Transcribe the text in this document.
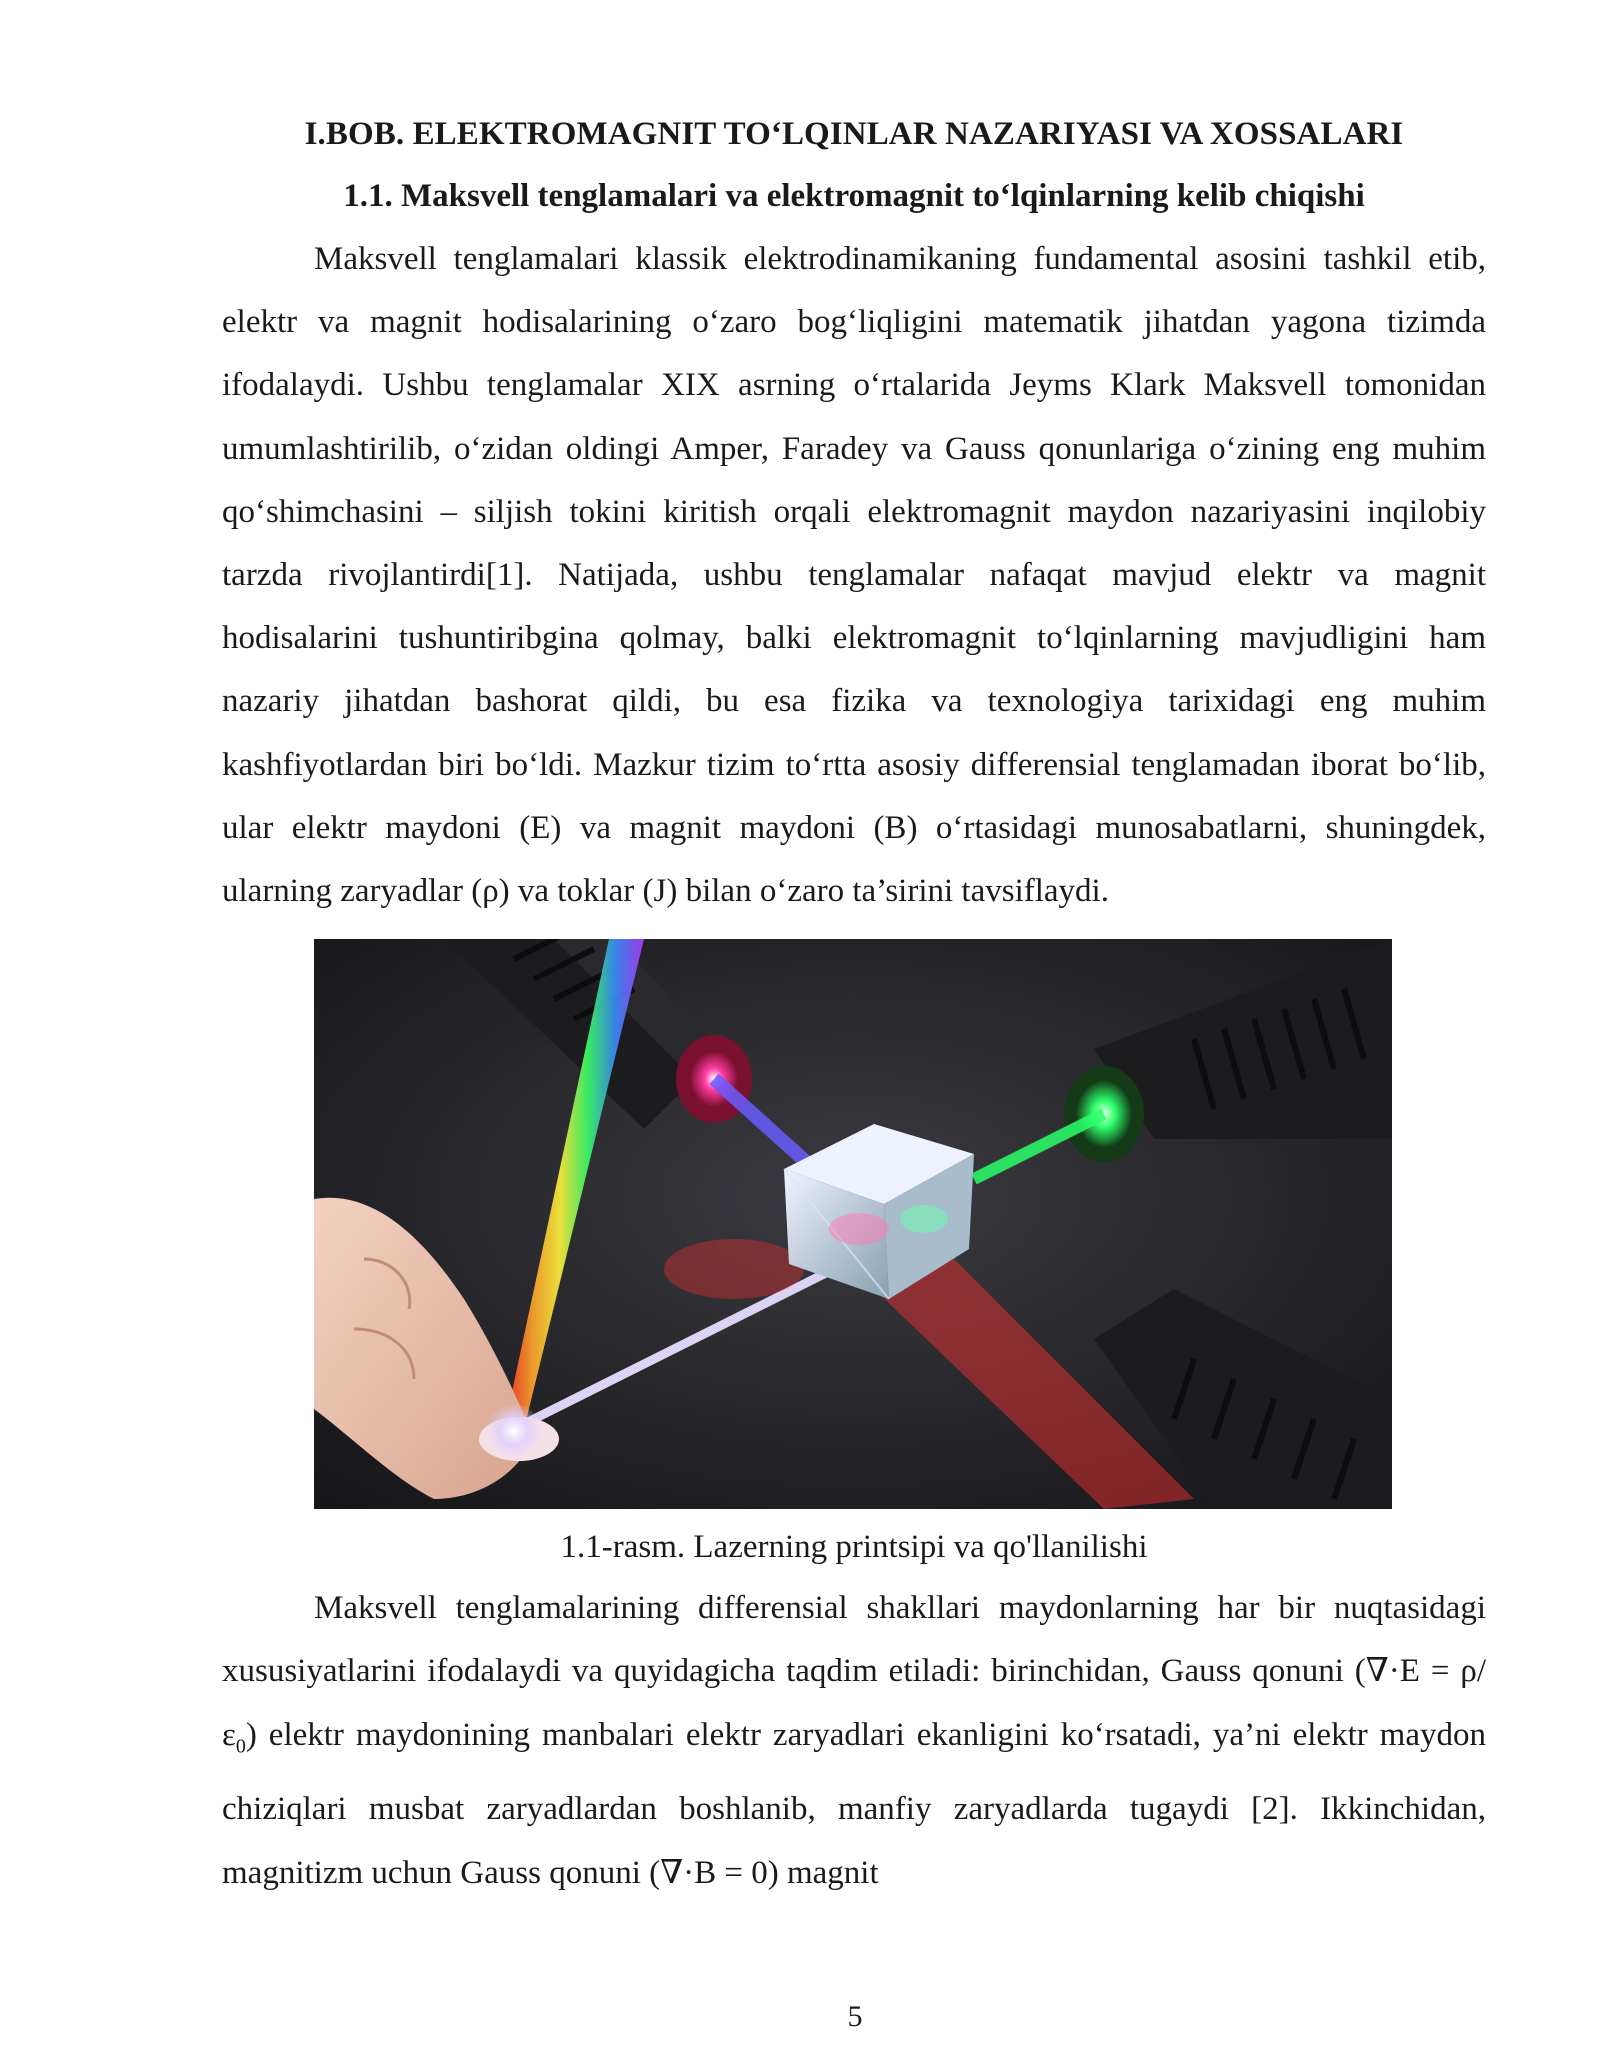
I.BOB. ELEKTROMAGNIT TO‘LQINLAR NAZARIYASI VA XOSSALARI
1.1. Maksvell tenglamalari va elektromagnit to‘lqinlarning kelib chiqishi

Maksvell tenglamalari klassik elektrodinamikaning fundamental asosini tashkil etib, elektr va magnit hodisalarining o‘zaro bog‘liqligini matematik jihatdan yagona tizimda ifodalaydi. Ushbu tenglamalar XIX asrning o‘rtalarida Jeyms Klark Maksvell tomonidan umumlashtirilib, o‘zidan oldingi Amper, Faradey va Gauss qonunlariga o‘zining eng muhim qo‘shimchasini – siljish tokini kiritish orqali elektromagnit maydon nazariyasini inqilobiy tarzda rivojlantirdi[1]. Natijada, ushbu tenglamalar nafaqat mavjud elektr va magnit hodisalarini tushuntiribgina qolmay, balki elektromagnit to‘lqinlarning mavjudligini ham nazariy jihatdan bashorat qildi, bu esa fizika va texnologiya tarixidagi eng muhim kashfiyotlardan biri bo‘ldi. Mazkur tizim to‘rtta asosiy differensial tenglamadan iborat bo‘lib, ular elektr maydoni (E) va magnit maydoni (B) o‘rtasidagi munosabatlarni, shuningdek, ularning zaryadlar (ρ) va toklar (J) bilan o‘zaro ta’sirini tavsiflaydi.

1.1-rasm. Lazerning printsipi va qo'llanilishi

Maksvell tenglamalarining differensial shakllari maydonlarning har bir nuqtasidagi xususiyatlarini ifodalaydi va quyidagicha taqdim etiladi: birinchidan, Gauss qonuni $(\nabla\cdot E = \rho/\varepsilon_0)$ elektr maydonining manbalari elektr zaryadlari ekanligini ko‘rsatadi, ya’ni elektr maydon chiziqlari musbat zaryadlardan boshlanib, manfiy zaryadlarda tugaydi [2]. Ikkinchidan, magnitizm uchun Gauss qonuni (∇·B = 0) magnit

5
